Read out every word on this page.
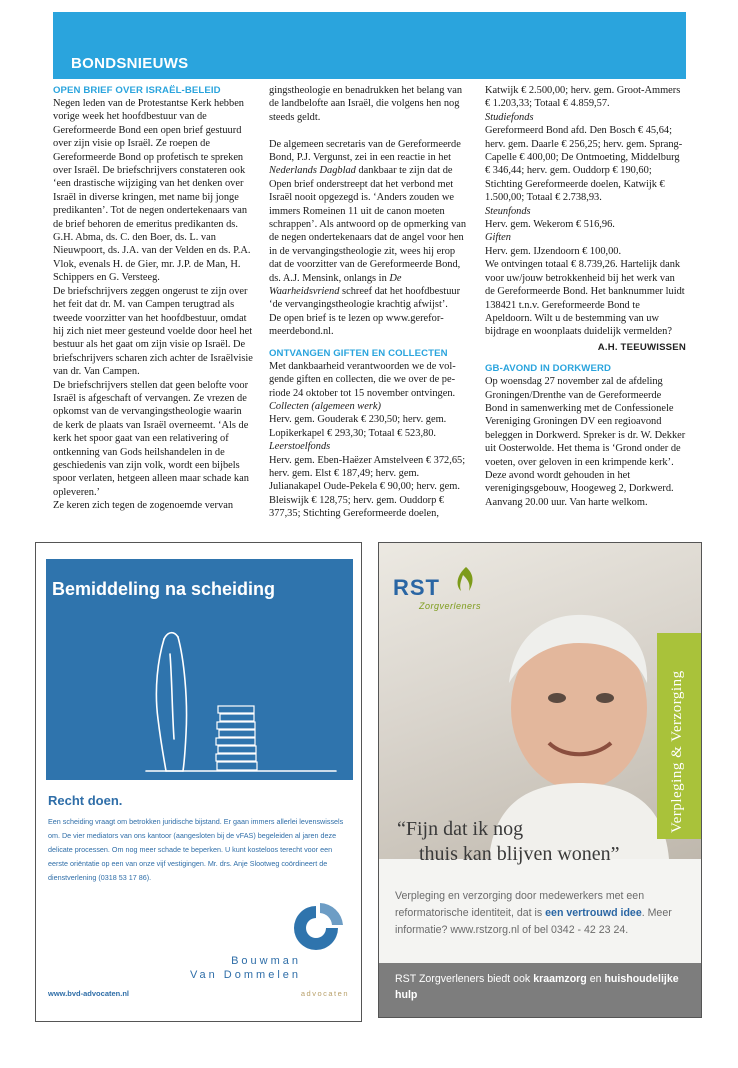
BONDSNIEUWS
OPEN BRIEF OVER ISRAËL-BELEID

Negen leden van de Protestantse Kerk hebben vorige week het hoofdbestuur van de Gereformeerde Bond een open brief gestuurd over zijn visie op Israël. Ze roepen de Gereformeerde Bond op profetisch te spreken over Israël. De briefschrijvers constateren ook ‘een drastische wijziging van het denken over Israël in diverse kringen, met name bij jonge predikanten’. Tot de negen ondertekenaars van de brief behoren de emeritus predikanten ds. G.H. Abma, ds. C. den Boer, ds. L. van Nieuwpoort, ds. J.A. van der Velden en ds. P.A. Vlok, evenals H. de Gier, mr. J.P. de Man, H. Schippers en G. Versteeg.

De briefschrijvers zeggen ongerust te zijn over het feit dat dr. M. van Campen terugtrad als tweede voorzitter van het hoofdbestuur, omdat hij zich niet meer gesteund voelde door heel het bestuur als het gaat om zijn visie op Israël. De briefschrijvers scharen zich achter de Israëlvisie van dr. Van Campen.

De briefschrijvers stellen dat geen belofte voor Israël is afgeschaft of vervangen. Ze vrezen de opkomst van de vervangingstheologie waarin de kerk de plaats van Israël overneemt. ‘Als de kerk het spoor gaat van een relativering of ontkenning van Gods heilshandelen in de geschiedenis van zijn volk, wordt een bijbels spoor verlaten, hetgeen alleen maar schade kan opleveren.’

Ze keren zich tegen de zogenoemde vervan

gingstheologie en benadrukken het belang van de landbelofte aan Israël, die volgens hen nog steeds geldt.

De algemeen secretaris van de Gereformeerde Bond, P.J. Vergunst, zei in een reactie in het Nederlands Dagblad dankbaar te zijn dat de Open brief onderstreept dat het verbond met Israël nooit opgezegd is. ‘Anders zouden we immers Romeinen 11 uit de canon moeten schrappen’. Als antwoord op de opmerking van de negen ondertekenaars dat de angel voor hen in de vervangingstheologie zit, wees hij erop dat de voorzitter van de Gereformeerde Bond, ds. A.J. Mensink, onlangs in De Waarheidsvriend schreef dat het hoofdbestuur ‘de vervangingstheologie krachtig afwijst’.

De open brief is te lezen op www.gereformeerdebond.nl.

ONTVANGEN GIFTEN EN COLLECTEN

Met dankbaarheid verantwoorden we de volgende giften en collecten, die we over de periode 24 oktober tot 15 november ontvingen.

Collecten (algemeen werk)

Herv. gem. Gouderak € 230,50; herv. gem. Lopikerkapel € 293,30; Totaal € 523,80.

Leerstoelfonds

Herv. gem. Eben-Haëzer Amstelveen € 372,65; herv. gem. Elst € 187,49; herv. gem. Julianakapel Oude-Pekela € 90,00; herv. gem. Bleiswijk € 128,75; herv. gem. Ouddorp € 377,35; Stichting Gereformeerde doelen,

Katwijk € 2.500,00; herv. gem. Groot-Ammers € 1.203,33; Totaal € 4.859,57.

Studiefonds

Gereformeerd Bond afd. Den Bosch € 45,64; herv. gem. Daarle € 256,25; herv. gem. Sprang-Capelle € 400,00; De Ontmoeting, Middelburg € 346,44; herv. gem. Ouddorp € 190,60; Stichting Gereformeerde doelen, Katwijk € 1.500,00; Totaal € 2.738,93.

Steunfonds

Herv. gem. Wekerom € 516,96.

Giften

Herv. gem. IJzendoorn € 100,00.

We ontvingen totaal € 8.739,26. Hartelijk dank voor uw/jouw betrokkenheid bij het werk van de Gereformeerde Bond. Het banknummer luidt 138421 t.n.v. Gereformeerde Bond te Apeldoorn. Wilt u de bestemming van uw bijdrage en woonplaats duidelijk vermelden?

A.H. TEEUWISSEN
GB-AVOND IN DORKWERD

Op woensdag 27 november zal de afdeling Groningen/Drenthe van de Gereformeerde Bond in samenwerking met de Confessionele Vereniging Groningen DV een regioavond beleggen in Dorkwerd. Spreker is dr. W. Dekker uit Oosterwolde. Het thema is ‘Grond onder de voeten, over geloven in een krimpende kerk’. Deze avond wordt gehouden in het verenigingsgebouw, Hoogeweg 2, Dorkwerd. Aanvang 20.00 uur. Van harte welkom.

Bemiddeling na scheiding
Recht doen.
Een scheiding vraagt om betrokken juridische bijstand. Er gaan immers allerlei levenswissels om. De vier mediators van ons kantoor (aangesloten bij de vFAS) begeleiden al jaren deze delicate processen. Om nog meer schade te beperken. U kunt kosteloos terecht voor een eerste oriëntatie op een van onze vijf vestigingen. Mr. drs. Anje Slootweg coördineert de dienstverlening (0318 53 17 86).
Bouwman
Van Dommelen
advocaten
www.bvd-advocaten.nl
RST
Zorgverleners
Verpleging & Verzorging
“Fijn dat ik nog
thuis kan blijven wonen”
Verpleging en verzorging door medewerkers met een reformatorische identiteit, dat is een vertrouwd idee. Meer informatie? www.rstzorg.nl of bel 0342 - 42 23 24.
RST Zorgverleners biedt ook kraamzorg en huishoudelijke hulp
